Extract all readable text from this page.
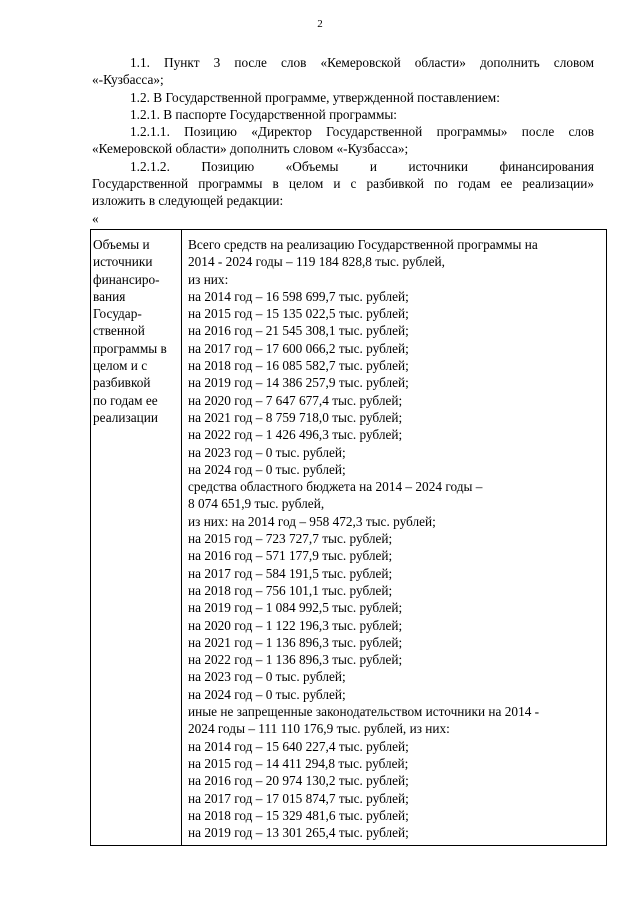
2
1.1. Пункт 3 после слов «Кемеровской области» дополнить словом
«-Кузбасса»;
1.2. В Государственной программе, утвержденной поставлением:
1.2.1. В паспорте Государственной программы:
1.2.1.1. Позицию «Директор Государственной программы» после слов
«Кемеровской области» дополнить словом «-Кузбасса»;
1.2.1.2. Позицию «Объемы и источники финансирования
Государственной программы в целом и с разбивкой по годам ее реализации»
изложить в следующей редакции:
«
Объемы и
источники
финансиро-
вания
Государ-
ственной
программы в
целом и с
разбивкой
по годам ее
реализации
Всего средств на реализацию Государственной программы на
2014 - 2024 годы – 119 184 828,8 тыс. рублей,
из них:
на 2014 год – 16 598 699,7 тыс. рублей;
на 2015 год – 15 135 022,5 тыс. рублей;
на 2016 год – 21 545 308,1 тыс. рублей;
на 2017 год – 17 600 066,2 тыс. рублей;
на 2018 год – 16 085 582,7 тыс. рублей;
на 2019 год – 14 386 257,9 тыс. рублей;
на 2020 год – 7 647 677,4 тыс. рублей;
на 2021 год – 8 759 718,0 тыс. рублей;
на 2022 год – 1 426 496,3 тыс. рублей;
на 2023 год – 0 тыс. рублей;
на 2024 год – 0 тыс. рублей;
средства областного бюджета на 2014 – 2024 годы –
8 074 651,9 тыс. рублей,
из них: на 2014 год – 958 472,3 тыс. рублей;
на 2015 год – 723 727,7 тыс. рублей;
на 2016 год – 571 177,9 тыс. рублей;
на 2017 год – 584 191,5 тыс. рублей;
на 2018 год – 756 101,1 тыс. рублей;
на 2019 год – 1 084 992,5 тыс. рублей;
на 2020 год – 1 122 196,3 тыс. рублей;
на 2021 год – 1 136 896,3 тыс. рублей;
на 2022 год – 1 136 896,3 тыс. рублей;
на 2023 год – 0 тыс. рублей;
на 2024 год – 0 тыс. рублей;
иные не запрещенные законодательством источники на 2014 -
2024 годы – 111 110 176,9 тыс. рублей, из них:
на 2014 год – 15 640 227,4 тыс. рублей;
на 2015 год – 14 411 294,8 тыс. рублей;
на 2016 год – 20 974 130,2 тыс. рублей;
на 2017 год – 17 015 874,7 тыс. рублей;
на 2018 год – 15 329 481,6 тыс. рублей;
на 2019 год – 13 301 265,4 тыс. рублей;
